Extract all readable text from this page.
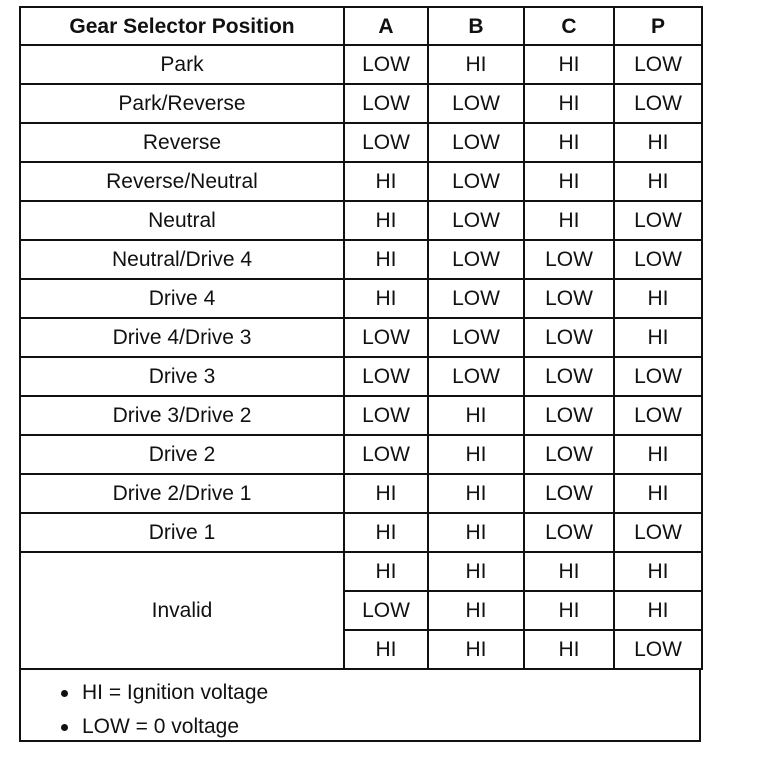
Gear Selector Position	A	B	C	P
Park	LOW	HI	HI	LOW
Park/Reverse	LOW	LOW	HI	LOW
Reverse	LOW	LOW	HI	HI
Reverse/Neutral	HI	LOW	HI	HI
Neutral	HI	LOW	HI	LOW
Neutral/Drive 4	HI	LOW	LOW	LOW
Drive 4	HI	LOW	LOW	HI
Drive 4/Drive 3	LOW	LOW	LOW	HI
Drive 3	LOW	LOW	LOW	LOW
Drive 3/Drive 2	LOW	HI	LOW	LOW
Drive 2	LOW	HI	LOW	HI
Drive 2/Drive 1	HI	HI	LOW	HI
Drive 1	HI	HI	LOW	LOW
Invalid	HI	HI	HI	HI
	LOW	HI	HI	HI
	HI	HI	HI	LOW
HI = Ignition voltage
LOW = 0 voltage
